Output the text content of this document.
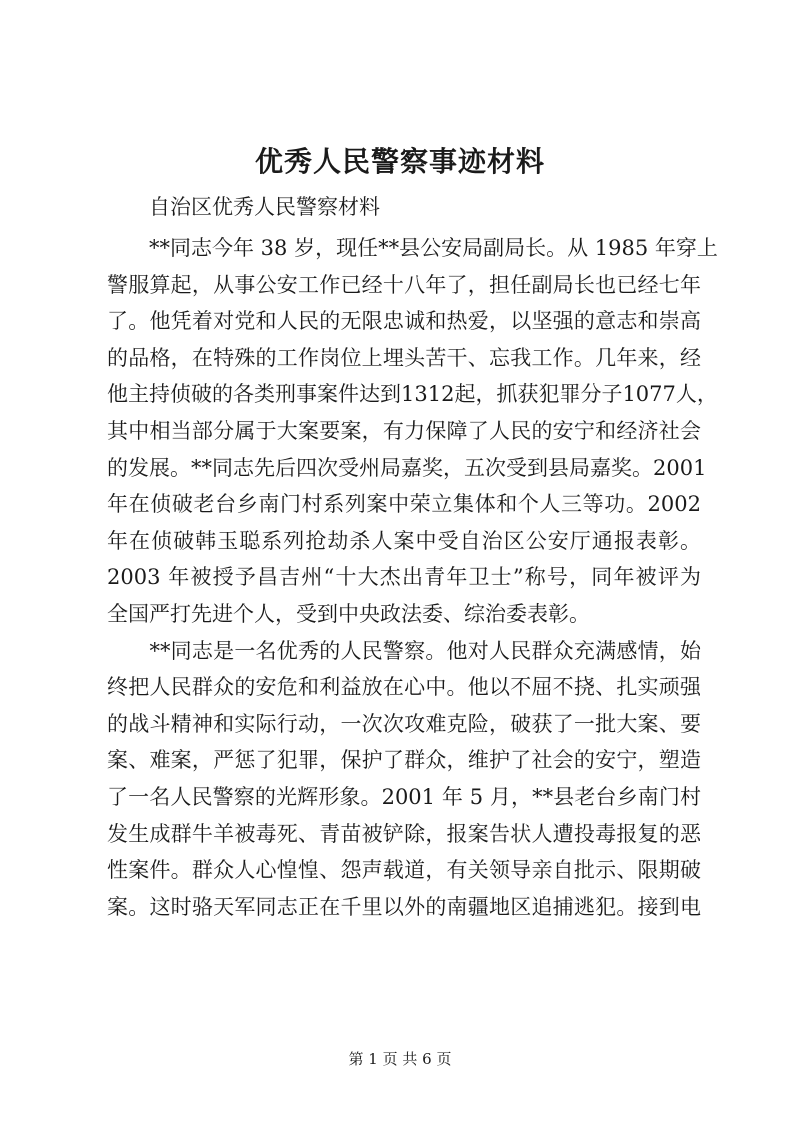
优秀人民警察事迹材料
自治区优秀人民警察材料

　　**同志今年 38 岁，现任**县公安局副局长。从 1985 年穿上
警服算起，从事公安工作已经十八年了，担任副局长也已经七年
了。他凭着对党和人民的无限忠诚和热爱，以坚强的意志和崇高
的品格，在特殊的工作岗位上埋头苦干、忘我工作。几年来，经
他主持侦破的各类刑事案件达到1312起，抓获犯罪分子1077人，
其中相当部分属于大案要案，有力保障了人民的安宁和经济社会
的发展。**同志先后四次受州局嘉奖，五次受到县局嘉奖。2001
年在侦破老台乡南门村系列案中荣立集体和个人三等功。2002
年在侦破韩玉聪系列抢劫杀人案中受自治区公安厅通报表彰。
2003 年被授予昌吉州“十大杰出青年卫士”称号，同年被评为
全国严打先进个人，受到中央政法委、综治委表彰。

　　**同志是一名优秀的人民警察。他对人民群众充满感情，始
终把人民群众的安危和利益放在心中。他以不屈不挠、扎实顽强
的战斗精神和实际行动，一次次攻难克险，破获了一批大案、要
案、难案，严惩了犯罪，保护了群众，维护了社会的安宁，塑造
了一名人民警察的光辉形象。2001 年 5 月，**县老台乡南门村
发生成群牛羊被毒死、青苗被铲除，报案告状人遭投毒报复的恶
性案件。群众人心惶惶、怨声载道，有关领导亲自批示、限期破
案。这时骆天军同志正在千里以外的南疆地区追捕逃犯。接到电

第 1 页 共 6 页
